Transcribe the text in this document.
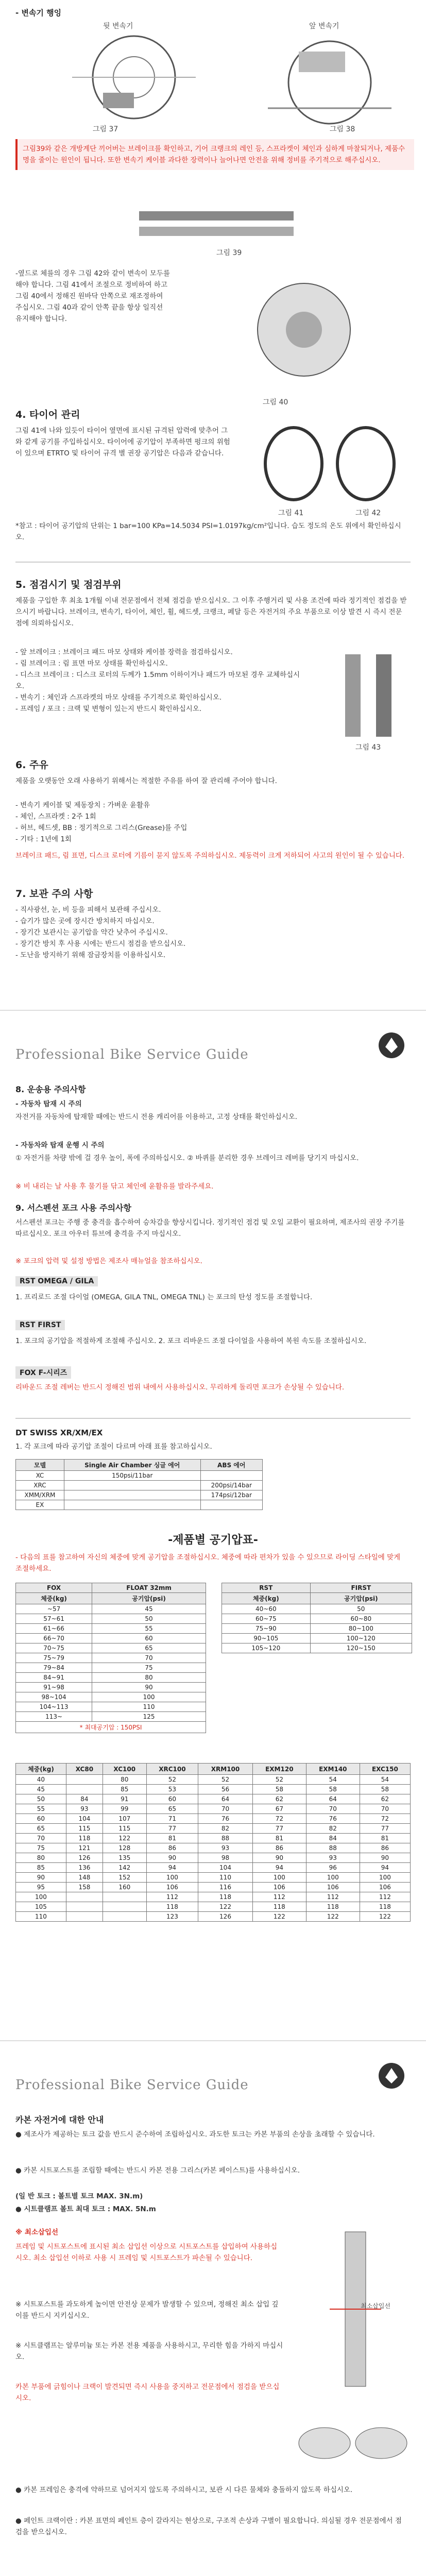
- 변속기 행잉
뒷 변속기
그림 37
앞 변속기
그림 38
그림39와 같은 개방계단 끼어버는 브레이크를 확인하고, 기어 크랭크의 레인 등, 스프라켓이 체인과 심하게 마찰되거나, 제품수명을 줄이는 원인이 됩니다. 또한 변속기 케이블 과다한 장력이나 늘어나면 안전을 위해 정비를 주기적으로 해주십시오.
그림 39
-옆드로 체를의 경우 그림 42와 같이 변속이 모두를 해야 합니다. 그림 41에서 조절으로 정비하여 하고 그림 40에서 정해진 원바닥 안쪽으로 재조정하여 주십시오. 그림 40과 같이 안쪽 끝을 항상 일직선 유지해야 합니다.
그림 40
4. 타이어 관리
그림 41에 나와 있듯이 타이어 옆면에 표시된 규격된 압력에 맞추어 그와 같게 공기를 주입하십시오. 타이어에 공기압이 부족하면 펑크의 위험이 있으며 ETRTO 및 타이어 규격 별 권장 공기압은 다음과 같습니다.
그림 41	그림 42
*참고 : 타이어 공기압의 단위는 1 bar=100 KPa=14.5034 PSI=1.0197kg/cm²입니다. 습도 정도의 온도 위에서 확인하십시오.
5. 점검시기 및 점검부위
제품을 구입한 후 최초 1개월 이내 전문점에서 전체 점검을 받으십시오. 그 이후 주행거리 및 사용 조건에 따라 정기적인 점검을 받으시기 바랍니다. 브레이크, 변속기, 타이어, 체인, 휠, 헤드셋, 크랭크, 페달 등은 자전거의 주요 부품으로 이상 발견 시 즉시 전문점에 의뢰하십시오.

- 앞 브레이크 : 브레이크 패드 마모 상태와 케이블 장력을 점검하십시오.

- 림 브레이크 : 림 표면 마모 상태를 확인하십시오.

- 디스크 브레이크 : 디스크 로터의 두께가 1.5mm 이하이거나 패드가 마모된 경우 교체하십시오.

- 변속기 : 체인과 스프라켓의 마모 상태를 주기적으로 확인하십시오.

- 프레임 / 포크 : 크랙 및 변형이 있는지 반드시 확인하십시오.

그림 43
6. 주유
제품을 오랫동안 오래 사용하기 위해서는 적절한 주유를 하여 잘 관리해 주어야 합니다.

- 변속기 케이블 및 제동장치 : 가벼운 윤활유

- 체인, 스프라켓 : 2주 1회

- 허브, 헤드셋, BB : 정기적으로 그리스(Grease)를 주입

- 기타 : 1년에 1회

브레이크 패드, 림 표면, 디스크 로터에 기름이 묻지 않도록 주의하십시오. 제동력이 크게 저하되어 사고의 원인이 될 수 있습니다.
7. 보관 주의 사항

- 직사광선, 눈, 비 등을 피해서 보관해 주십시오.

- 습기가 많은 곳에 장시간 방치하지 마십시오.

- 장기간 보관시는 공기압을 약간 낮추어 주십시오.

- 장기간 방치 후 사용 시에는 반드시 점검을 받으십시오.

- 도난을 방지하기 위해 잠금장치를 이용하십시오.

Professional Bike Service Guide
8. 운송용 주의사항
- 자동차 탑재 시 주의
자전거를 자동차에 탑재할 때에는 반드시 전용 캐리어를 이용하고, 고정 상태를 확인하십시오.
- 자동차와 탑재 운행 시 주의
① 자전거를 차량 밖에 걸 경우 높이, 폭에 주의하십시오. ② 바퀴를 분리한 경우 브레이크 레버를 당기지 마십시오.
※ 비 내리는 날 사용 후 물기를 닦고 체인에 윤활유를 발라주세요.
9. 서스펜션 포크 사용 주의사항
서스펜션 포크는 주행 중 충격을 흡수하여 승차감을 향상시킵니다. 정기적인 점검 및 오일 교환이 필요하며, 제조사의 권장 주기를 따르십시오. 포크 아우터 튜브에 충격을 주지 마십시오.
※ 포크의 압력 및 설정 방법은 제조사 매뉴얼을 참조하십시오.
RST OMEGA / GILA
1. 프리로드 조절 다이얼 (OMEGA, GILA TNL, OMEGA TNL) 는 포크의 탄성 정도를 조절합니다.
RST FIRST
1. 포크의 공기압을 적절하게 조절해 주십시오. 2. 포크 리바운드 조절 다이얼을 사용하여 복원 속도를 조절하십시오.
FOX F-시리즈
리바운드 조절 레버는 반드시 정해진 범위 내에서 사용하십시오. 무리하게 돌리면 포크가 손상될 수 있습니다.
DT SWISS XR/XM/EX
1. 각 포크에 따라 공기압 조절이 다르며 아래 표를 참고하십시오.
모델	Single Air Chamber 싱글 에어	ABS 에어
XC	150psi/11bar	
XRC		200psi/14bar
XMM/XRM		174psi/12bar
EX		
-제품별 공기압표-
- 다음의 표를 참고하여 자신의 체중에 맞게 공기압을 조절하십시오. 체중에 따라 편차가 있을 수 있으므로 라이딩 스타일에 맞게 조절하세요.
FOX	FLOAT 32mm
체중(kg)	공기압(psi)
~57	45
57~61	50
61~66	55
66~70	60
70~75	65
75~79	70
79~84	75
84~91	80
91~98	90
98~104	100
104~113	110
113~	125
* 최대공기압 : 150PSI	
RST	FIRST
체중(kg)	공기압(psi)
40~60	50
60~75	60~80
75~90	80~100
90~105	100~120
105~120	120~150
체중(kg)	XC80	XC100	XRC100	XRM100	EXM120	EXM140	EXC150
40		80	52	52	52	54	54
45		85	53	56	58	58	58
50	84	91	60	64	62	64	62
55	93	99	65	70	67	70	70
60	104	107	71	76	72	76	72
65	115	115	77	82	77	82	77
70	118	122	81	88	81	84	81
75	121	128	86	93	86	88	86
80	126	135	90	98	90	93	90
85	136	142	94	104	94	96	94
90	148	152	100	110	100	100	100
95	158	160	106	116	106	106	106
100			112	118	112	112	112
105			118	122	118	118	118
110			123	126	122	122	122
Professional Bike Service Guide
카본 자전거에 대한 안내
● 제조사가 제공하는 토크 값을 반드시 준수하여 조립하십시오. 과도한 토크는 카본 부품의 손상을 초래할 수 있습니다.
● 카본 시트포스트를 조립할 때에는 반드시 카본 전용 그리스(카본 페이스트)를 사용하십시오.
(일 반 토크 : 볼트별 토크 MAX. 3N.m)
● 시트클램프 볼트 최대 토크 : MAX. 5N.m
※ 최소삽입선
프레임 및 시트포스트에 표시된 최소 삽입선 이상으로 시트포스트를 삽입하여 사용하십시오. 최소 삽입선 이하로 사용 시 프레임 및 시트포스트가 파손될 수 있습니다.
최소삽입선
※ 시트포스트를 과도하게 높이면 안전상 문제가 발생할 수 있으며, 정해진 최소 삽입 깊이를 반드시 지키십시오.
※ 시트클램프는 알루미늄 또는 카본 전용 제품을 사용하시고, 무리한 힘을 가하지 마십시오.
카본 부품에 긁힘이나 크랙이 발견되면 즉시 사용을 중지하고 전문점에서 점검을 받으십시오.
● 카본 프레임은 충격에 약하므로 넘어지지 않도록 주의하시고, 보관 시 다른 물체와 충돌하지 않도록 하십시오.
● 페인트 크랙이란 : 카본 표면의 페인트 층이 갈라지는 현상으로, 구조적 손상과 구별이 필요합니다. 의심될 경우 전문점에서 점검을 받으십시오.
